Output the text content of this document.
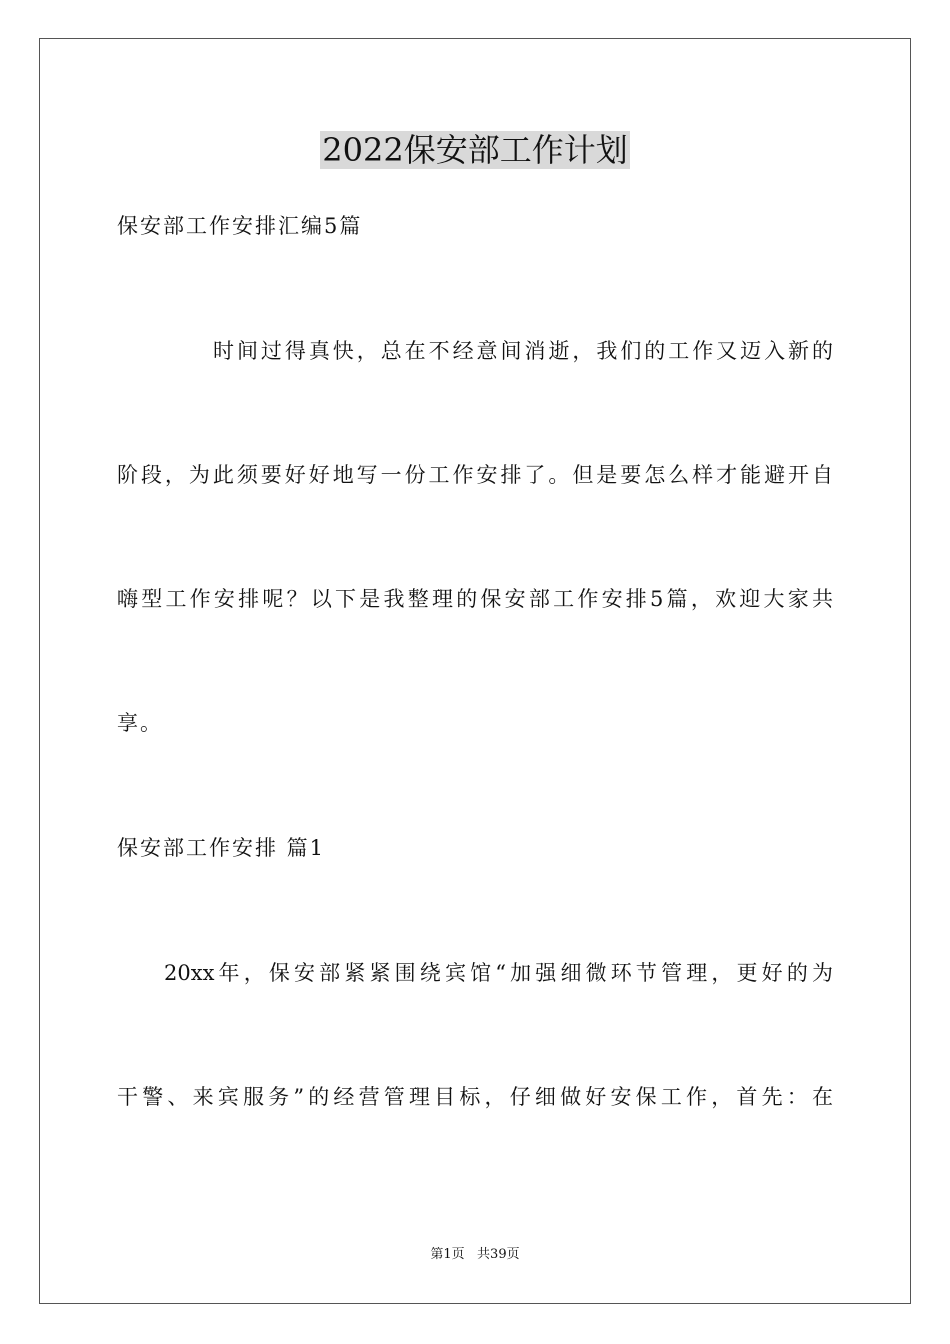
2022保安部工作计划
保安部工作安排汇编5篇
时间过得真快，总在不经意间消逝，我们的工作又迈入新的
阶段，为此须要好好地写一份工作安排了。但是要怎么样才能避开自
嗨型工作安排呢？以下是我整理的保安部工作安排5篇，欢迎大家共
享。
保安部工作安排 篇1
20xx年，保安部紧紧围绕宾馆“加强细微环节管理，更好的为
干警、来宾服务”的经营管理目标，仔细做好安保工作，首先：在
第1页   共39页
